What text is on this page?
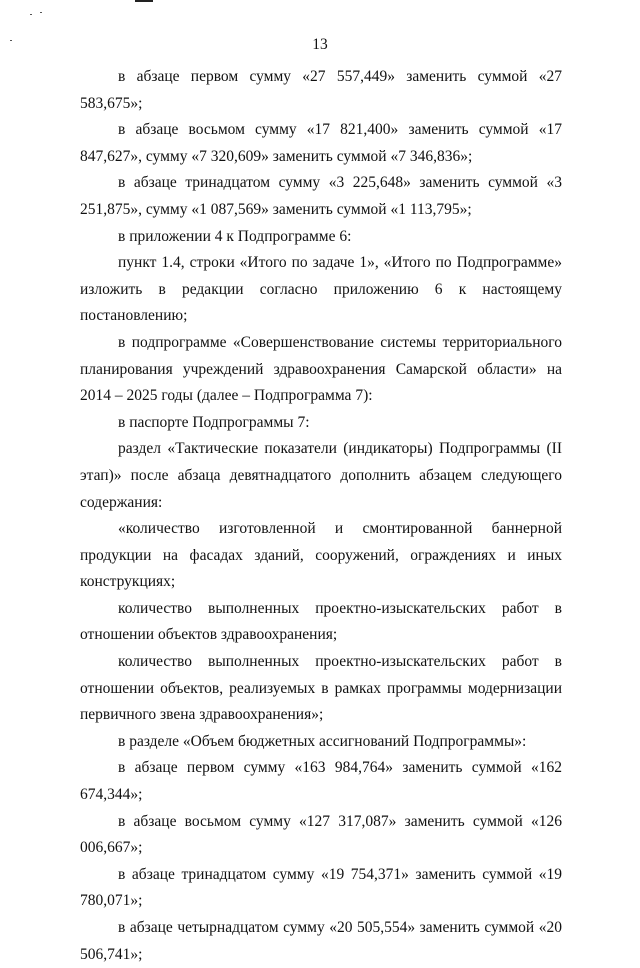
13

в абзаце первом сумму «27 557,449» заменить суммой «27 583,675»;

в абзаце восьмом сумму «17 821,400» заменить суммой «17 847,627», сумму «7 320,609» заменить суммой «7 346,836»;

в абзаце тринадцатом сумму «3 225,648» заменить суммой «3 251,875», сумму «1 087,569» заменить суммой «1 113,795»;

в приложении 4 к Подпрограмме 6:

пункт 1.4, строки «Итого по задаче 1», «Итого по Подпрограмме» изложить в редакции согласно приложению 6 к настоящему постановлению;

в подпрограмме «Совершенствование системы территориального планирования учреждений здравоохранения Самарской области» на 2014 – 2025 годы (далее – Подпрограмма 7):

в паспорте Подпрограммы 7:

раздел «Тактические показатели (индикаторы) Подпрограммы (II этап)» после абзаца девятнадцатого дополнить абзацем следующего содержания:

«количество изготовленной и смонтированной баннерной продукции на фасадах зданий, сооружений, ограждениях и иных конструкциях;

количество выполненных проектно-изыскательских работ в отношении объектов здравоохранения;

количество выполненных проектно-изыскательских работ в отношении объектов, реализуемых в рамках программы модернизации первичного звена здравоохранения»;

в разделе «Объем бюджетных ассигнований Подпрограммы»:

в абзаце первом сумму «163 984,764» заменить суммой «162 674,344»;

в абзаце восьмом сумму «127 317,087» заменить суммой «126 006,667»;

в абзаце тринадцатом сумму «19 754,371» заменить суммой «19 780,071»;

в абзаце четырнадцатом сумму «20 505,554» заменить суммой «20 506,741»;
